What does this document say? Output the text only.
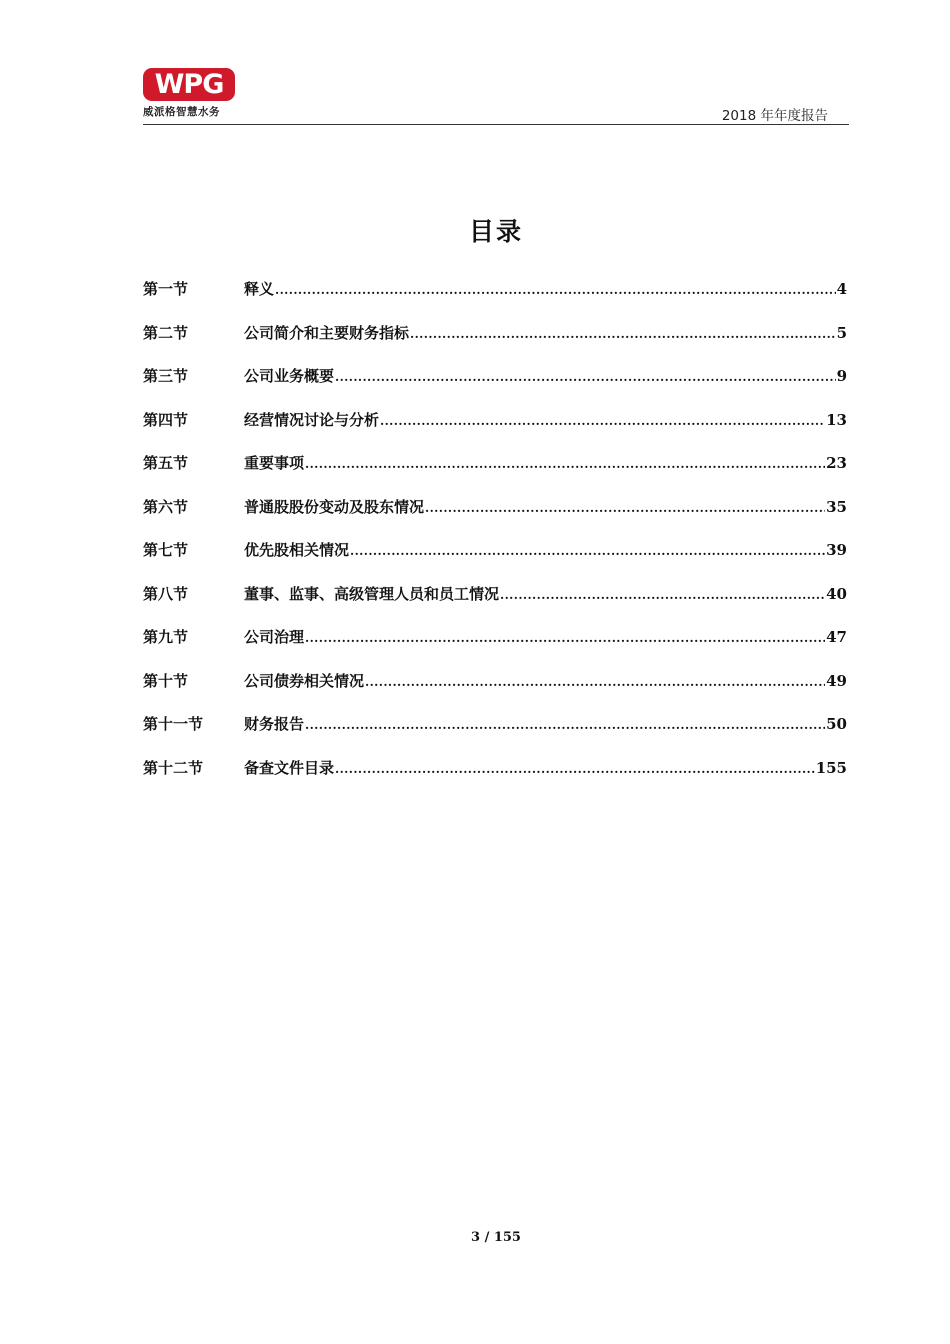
WPG
威派格智慧水务	2018 年年度报告
目录
第一节	释义 .....	4
第二节	公司简介和主要财务指标 .....	5
第三节	公司业务概要 .....	9
第四节	经营情况讨论与分析 .....	13
第五节	重要事项 .....	23
第六节	普通股股份变动及股东情况 .....	35
第七节	优先股相关情况 .....	39
第八节	董事、监事、高级管理人员和员工情况 .....	40
第九节	公司治理 .....	47
第十节	公司债券相关情况 .....	49
第十一节	财务报告 .....	50
第十二节	备查文件目录 .....	155
3 / 155
